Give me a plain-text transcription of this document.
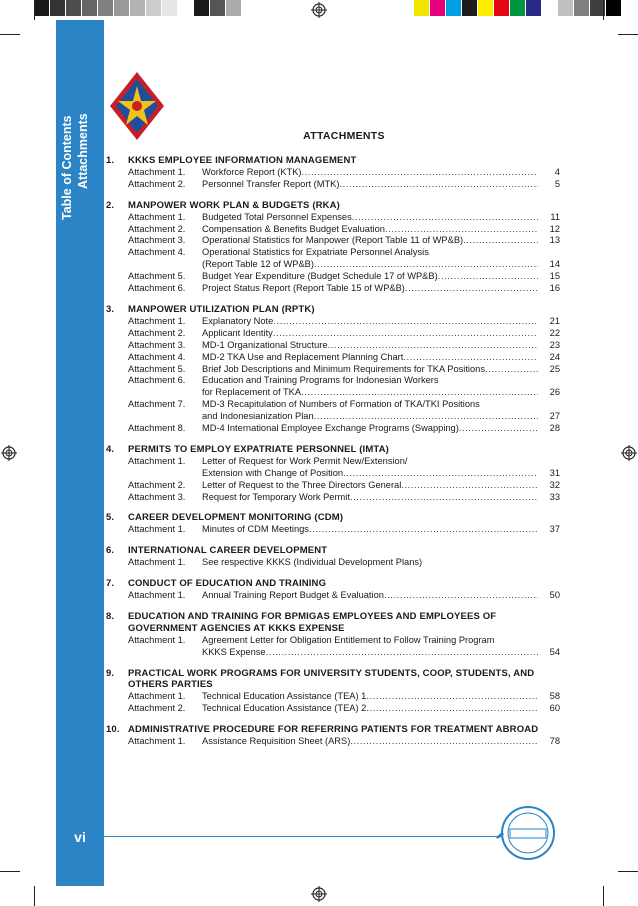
Table of Contents Attachments
vi
ATTACHMENTS
1.	KKKS EMPLOYEE INFORMATION MANAGEMENT
Attachment 1.	Workforce Report (KTK) .....	4
Attachment 2.	Personnel Transfer Report (MTK) .....	5
2.	MANPOWER WORK PLAN & BUDGETS (RKA)
Attachment 1.	Budgeted Total Personnel Expenses .....	11
Attachment 2.	Compensation & Benefits Budget Evaluation .....	12
Attachment 3.	Operational Statistics for Manpower (Report Table 11 of WP&B) .....	13
Attachment 4.	Operational Statistics for Expatriate Personnel Analysis
(Report Table 12 of WP&B) .....	14
Attachment 5.	Budget Year Expenditure (Budget Schedule 17 of WP&B) .....	15
Attachment 6.	Project Status Report (Report Table 15 of WP&B) .....	16
3.	MANPOWER UTILIZATION PLAN (RPTK)
Attachment 1.	Explanatory Note .....	21
Attachment 2.	Applicant Identity .....	22
Attachment 3.	MD-1 Organizational Structure .....	23
Attachment 4.	MD-2 TKA Use and Replacement Planning Chart .....	24
Attachment 5.	Brief Job Descriptions and Minimum Requirements for TKA Positions .....	25
Attachment 6.	Education and Training Programs for Indonesian Workers
for Replacement of TKA .....	26
Attachment 7.	MD-3 Recapitulation of Numbers of Formation of TKA/TKI Positions
and Indonesianization Plan .....	27
Attachment 8.	MD-4 International Employee Exchange Programs (Swapping) .....	28
4.	PERMITS TO EMPLOY EXPATRIATE PERSONNEL (IMTA)
Attachment 1.	Letter of Request for Work Permit New/Extension/
Extension with Change of Position .....	31
Attachment 2.	Letter of Request to the Three Directors General .....	32
Attachment 3.	Request for Temporary Work Permit .....	33
5.	CAREER DEVELOPMENT MONITORING (CDM)
Attachment 1.	Minutes of CDM Meetings .....	37
6.	INTERNATIONAL CAREER DEVELOPMENT
Attachment 1.	See respective KKKS (Individual Development Plans)
7.	CONDUCT OF EDUCATION AND TRAINING
Attachment 1.	Annual Training Report Budget & Evaluation .....	50
8.	EDUCATION AND TRAINING FOR BPMIGAS EMPLOYEES AND EMPLOYEES OF GOVERNMENT AGENCIES AT KKKS EXPENSE
Attachment 1.	Agreement Letter for Obligation Entitlement to Follow Training Program
KKKS Expense .....	54
9.	PRACTICAL WORK PROGRAMS FOR UNIVERSITY STUDENTS, COOP, STUDENTS, AND OTHERS PARTIES
Attachment 1.	Technical Education Assistance (TEA) 1 .....	58
Attachment 2.	Technical Education Assistance (TEA) 2 .....	60
10. ADMINISTRATIVE PROCEDURE FOR REFERRING PATIENTS FOR TREATMENT ABROAD
Attachment 1.	Assistance Requisition Sheet (ARS) .....	78
